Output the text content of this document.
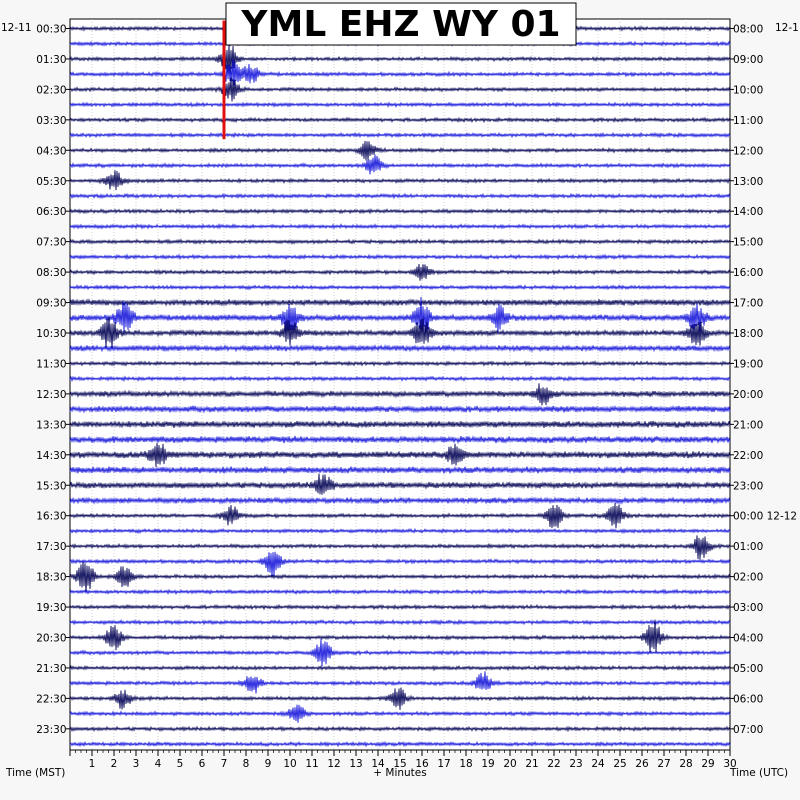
1 2 3 4 5 6 7 8 9 10 11 12 13 14 15 16 17 18 19 20 21 22 23 24 25 26 27 28 29 30
00:30
01:30
02:30
03:30
04:30
05:30
06:30
07:30
08:30
09:30
10:30
11:30
12:30
13:30
14:30
15:30
16:30
17:30
18:30
19:30
20:30
21:30
22:30
23:30
08:00
09:00
10:00
11:00
12:00
13:00
14:00
15:00
16:00
17:00
18:00
19:00
20:00
21:00
22:00
23:00
00:00 12-12
01:00
02:00
03:00
04:00
05:00
06:00
07:00
12-11	12-1
Time (MST)	+ Minutes	Time (UTC)
YML EHZ WY 01
